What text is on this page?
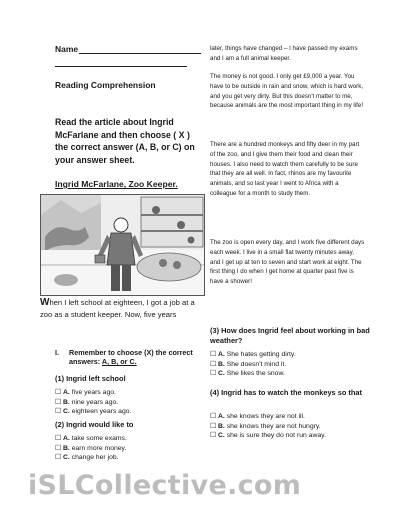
Name
Reading Comprehension
Read the article about Ingrid McFarlane and then choose ( X ) the correct answer (A, B, or C) on your answer sheet.
Ingrid McFarlane, Zoo Keeper.
When I left school at eighteen, I got a job at a zoo as a student keeper. Now, five years
I. Remember to choose (X) the correct answers: A, B, or C.
(1) Ingrid left school
☐ A. five years ago.
☐ B. nine years ago.
☐ C. eighteen years ago.
(2) Ingrid would like to
☐ A. take some exams.
☐ B. earn more money.
☐ C. change her job.
later, things have changed – I have passed my exams and I am a full animal keeper.
The money is not good. I only get £9,000 a year. You have to be outside in rain and snow, which is hard work, and you get very dirty. But this doesn't matter to me, because animals are the most important thing in my life!
There are a hundred monkeys and fifty deer in my part of the zoo, and I give them their food and clean their houses. I also need to watch them carefully to be sure that they are all well. In fact, rhinos are my favourite animals, and so last year I went to Africa with a colleague for a month to study them.
The zoo is open every day, and I work five different days each week. I live in a small flat twenty minutes away, and I get up at ten to seven and start work at eight. The first thing I do when I get home at quarter past five is have a shower!
(3) How does Ingrid feel about working in bad weather?
☐ A. She hates getting dirty.
☐ B. She doesn't mind it.
☐ C. She likes the snow.
(4) Ingrid has to watch the monkeys so that
☐ A. she knows they are not ill.
☐ B. she knows they are not hungry.
☐ C. she is sure they do not run away.
iSLCollective.com
